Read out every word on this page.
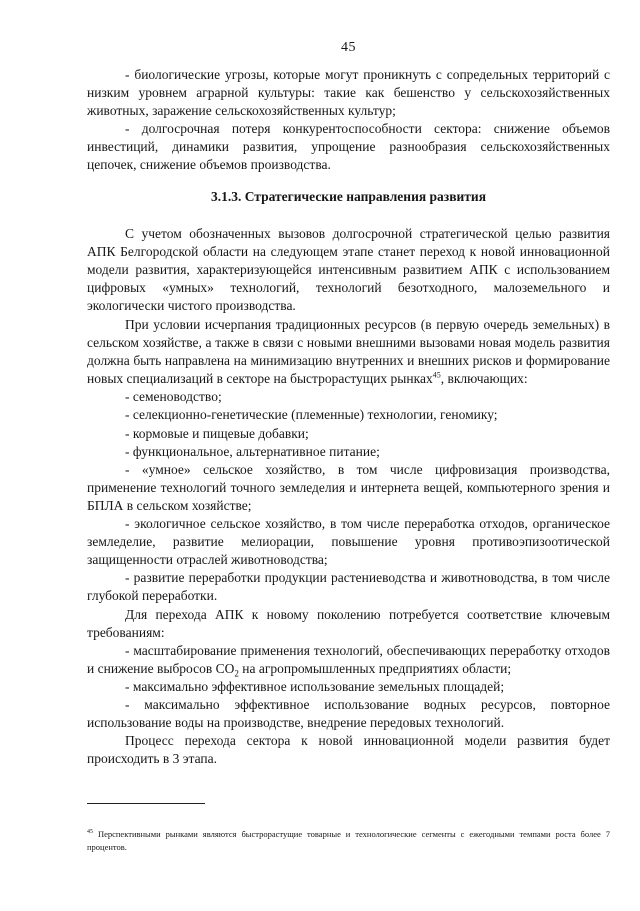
45
- биологические угрозы, которые могут проникнуть с сопредельных территорий с низким уровнем аграрной культуры: такие как бешенство у сельскохозяйственных животных, заражение сельскохозяйственных культур;
- долгосрочная потеря конкурентоспособности сектора: снижение объемов инвестиций, динамики развития, упрощение разнообразия сельскохозяйственных цепочек, снижение объемов производства.
3.1.3. Стратегические направления развития

С учетом обозначенных вызовов долгосрочной стратегической целью развития АПК Белгородской области на следующем этапе станет переход к новой инновационной модели развития, характеризующейся интенсивным развитием АПК с использованием цифровых «умных» технологий, технологий безотходного, малоземельного и экологически чистого производства.

При условии исчерпания традиционных ресурсов (в первую очередь земельных) в сельском хозяйстве, а также в связи с новыми внешними вызовами новая модель развития должна быть направлена на минимизацию внутренних и внешних рисков и формирование новых специализаций в секторе на быстрорастущих рынках$^{45}$, включающих:
- семеноводство;
- селекционно-генетические (племенные) технологии, геномику;
- кормовые и пищевые добавки;
- функциональное, альтернативное питание;
- «умное» сельское хозяйство, в том числе цифровизация производства, применение технологий точного земледелия и интернета вещей, компьютерного зрения и БПЛА в сельском хозяйстве;
- экологичное сельское хозяйство, в том числе переработка отходов, органическое земледелие, развитие мелиорации, повышение уровня противоэпизоотической защищенности отраслей животноводства;
- развитие переработки продукции растениеводства и животноводства, в том числе глубокой переработки.
Для перехода АПК к новому поколению потребуется соответствие ключевым требованиям:
- масштабирование применения технологий, обеспечивающих переработку отходов и снижение выбросов $CO_2$ на агропромышленных предприятиях области;
- максимально эффективное использование земельных площадей;
- максимально эффективное использование водных ресурсов, повторное использование воды на производстве, внедрение передовых технологий.
Процесс перехода сектора к новой инновационной модели развития будет происходить в 3 этапа.

$^{45}$ Перспективными рынками являются быстрорастущие товарные и технологические сегменты с ежегодными темпами роста более 7 процентов.
